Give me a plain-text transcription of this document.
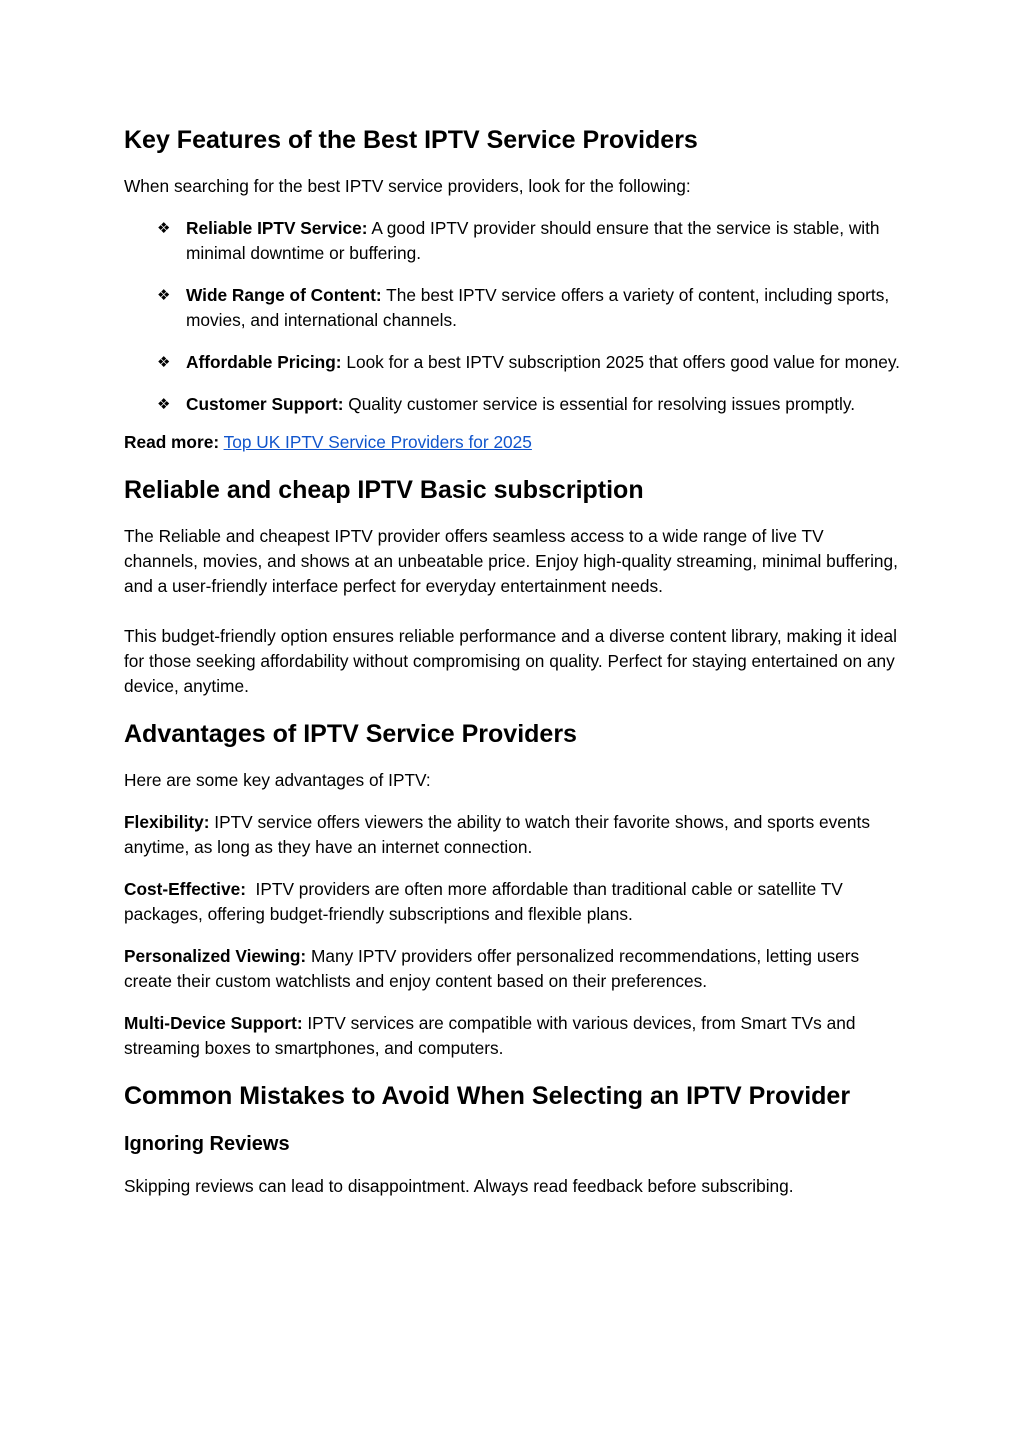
Key Features of the Best IPTV Service Providers

When searching for the best IPTV service providers, look for the following:

❖ Reliable IPTV Service: A good IPTV provider should ensure that the service is stable, with minimal downtime or buffering.
❖ Wide Range of Content: The best IPTV service offers a variety of content, including sports, movies, and international channels.
❖ Affordable Pricing: Look for a best IPTV subscription 2025 that offers good value for money.
❖ Customer Support: Quality customer service is essential for resolving issues promptly.

Read more: Top UK IPTV Service Providers for 2025

Reliable and cheap IPTV Basic subscription

The Reliable and cheapest IPTV provider offers seamless access to a wide range of live TV channels, movies, and shows at an unbeatable price. Enjoy high-quality streaming, minimal buffering, and a user-friendly interface perfect for everyday entertainment needs.

This budget-friendly option ensures reliable performance and a diverse content library, making it ideal for those seeking affordability without compromising on quality. Perfect for staying entertained on any device, anytime.

Advantages of IPTV Service Providers

Here are some key advantages of IPTV:

Flexibility: IPTV service offers viewers the ability to watch their favorite shows, and sports events anytime, as long as they have an internet connection.

Cost-Effective:  IPTV providers are often more affordable than traditional cable or satellite TV packages, offering budget-friendly subscriptions and flexible plans.

Personalized Viewing: Many IPTV providers offer personalized recommendations, letting users create their custom watchlists and enjoy content based on their preferences.

Multi-Device Support: IPTV services are compatible with various devices, from Smart TVs and streaming boxes to smartphones, and computers.

Common Mistakes to Avoid When Selecting an IPTV Provider
Ignoring Reviews

Skipping reviews can lead to disappointment. Always read feedback before subscribing.
